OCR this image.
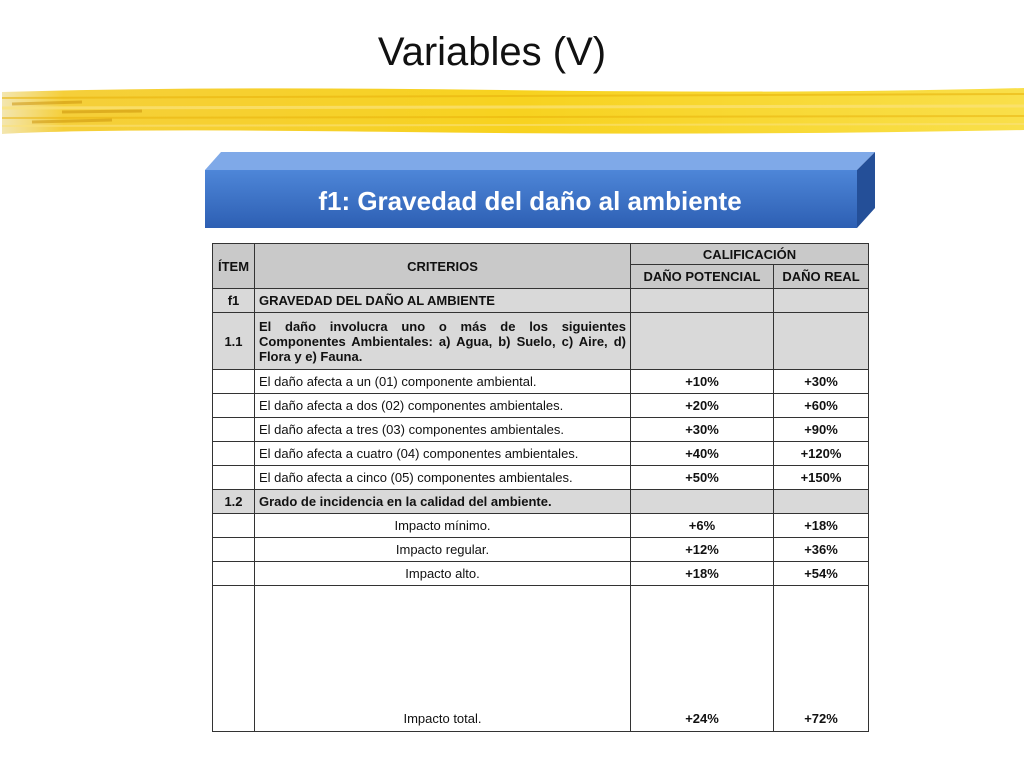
Variables (V)
f1: Gravedad del daño al ambiente
ÍTEM	CRITERIOS	CALIFICACIÓN	
		DAÑO POTENCIAL	DAÑO REAL
f1	GRAVEDAD DEL DAÑO AL AMBIENTE		
1.1	El daño involucra uno o más de los siguientes Componentes Ambientales: a) Agua, b) Suelo, c) Aire, d) Flora y e) Fauna.		
	El daño afecta a un (01) componente ambiental.	+10%	+30%
	El daño afecta a dos (02) componentes ambientales.	+20%	+60%
	El daño afecta a tres (03) componentes ambientales.	+30%	+90%
	El daño afecta a cuatro (04) componentes ambientales.	+40%	+120%
	El daño afecta a cinco (05) componentes ambientales.	+50%	+150%
1.2	Grado de incidencia en la calidad del ambiente.		
	Impacto mínimo.	+6%	+18%
	Impacto regular.	+12%	+36%
	Impacto alto.	+18%	+54%
	Impacto total.	+24%	+72%
